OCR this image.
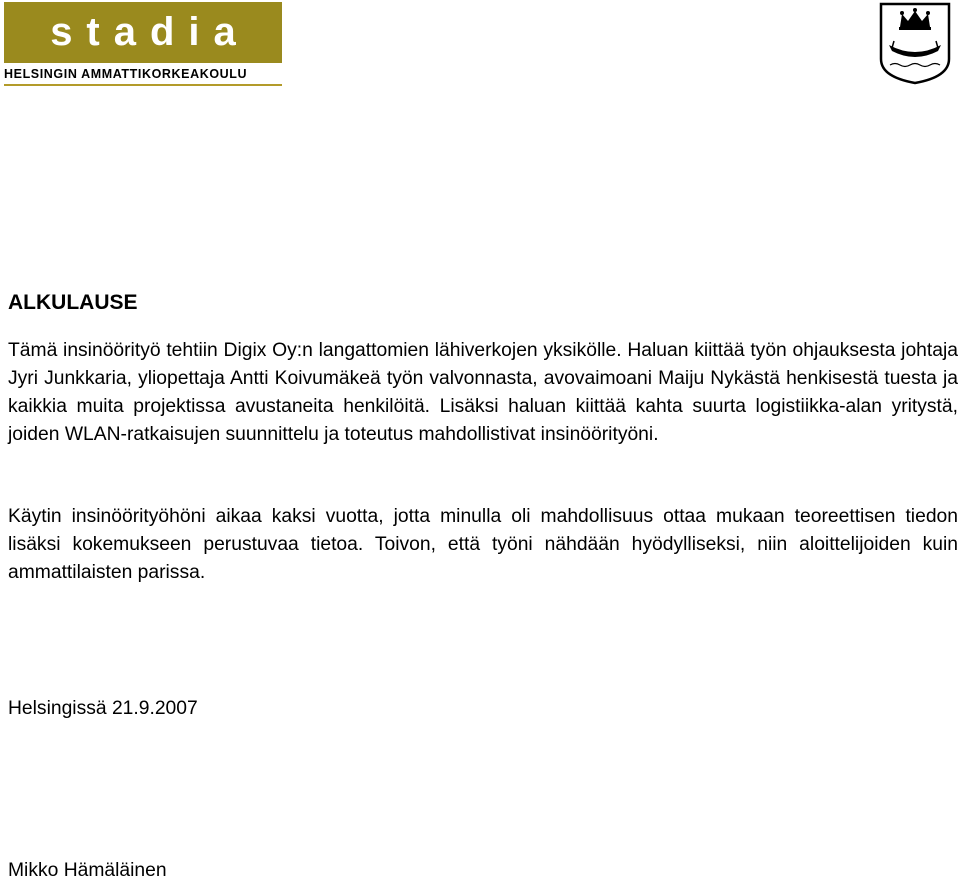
stadia
HELSINGIN AMMATTIKORKEAKOULU
ALKULAUSE

Tämä insinöörityö tehtiin Digix Oy:n langattomien lähiverkojen yksikölle. Haluan kiittää työn ohjauksesta johtaja Jyri Junkkaria, yliopettaja Antti Koivumäkeä työn valvonnasta, avovaimoani Maiju Nykästä henkisestä tuesta ja kaikkia muita projektissa avustaneita henkilöitä. Lisäksi haluan kiittää kahta suurta logistiikka-alan yritystä, joiden WLAN-ratkaisujen suunnittelu ja toteutus mahdollistivat insinöörityöni.

Käytin insinöörityöhöni aikaa kaksi vuotta, jotta minulla oli mahdollisuus ottaa mukaan teoreettisen tiedon lisäksi kokemukseen perustuvaa tietoa. Toivon, että työni nähdään hyödylliseksi, niin aloittelijoiden kuin ammattilaisten parissa.

Helsingissä 21.9.2007

Mikko Hämäläinen
